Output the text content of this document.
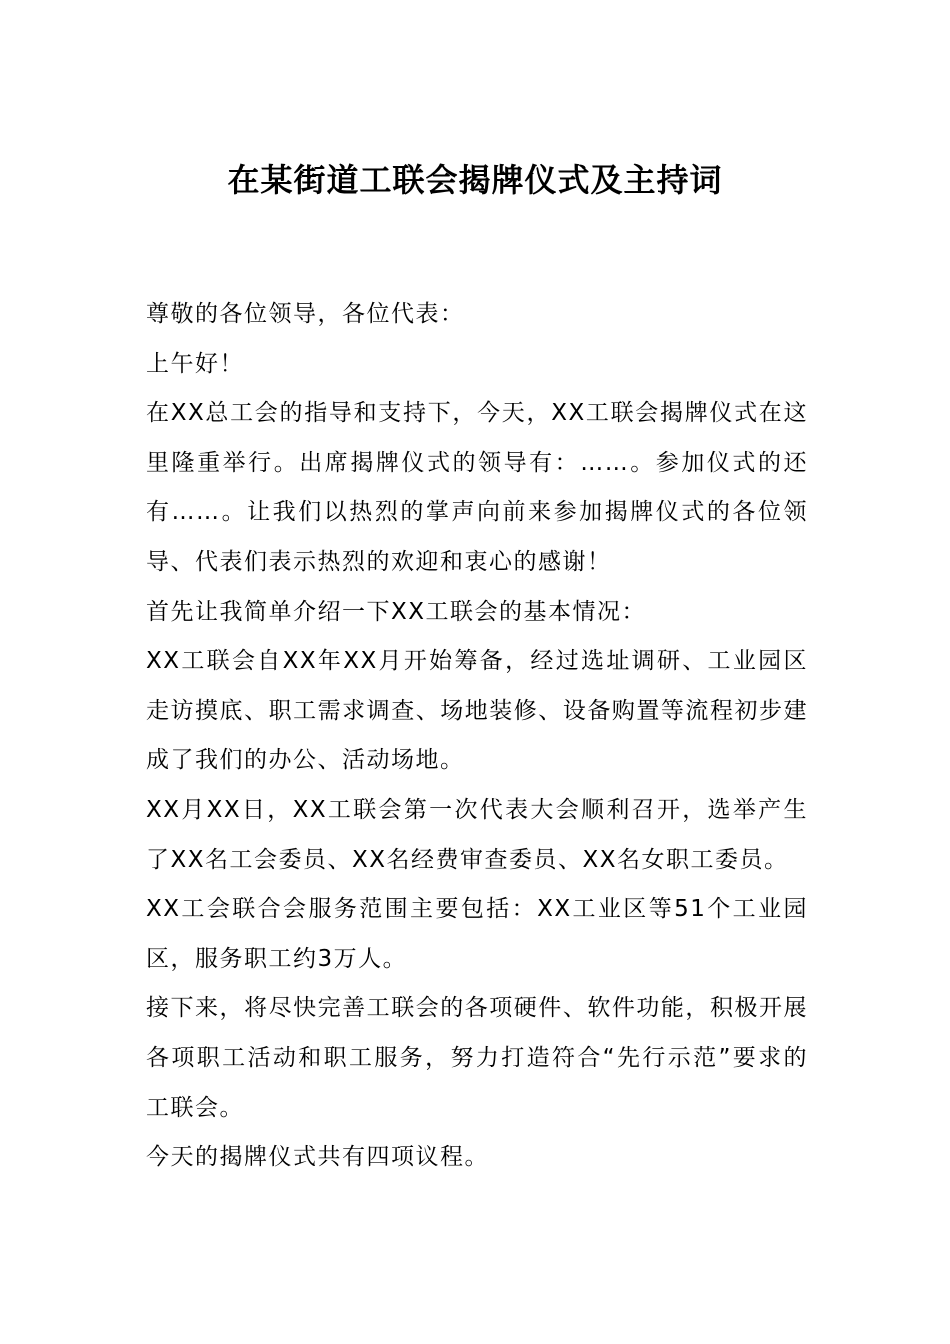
在某街道工联会揭牌仪式及主持词

尊敬的各位领导，各位代表：

上午好！

在XX总工会的指导和支持下，今天，XX工联会揭牌仪式在这里隆重举行。出席揭牌仪式的领导有：……。参加仪式的还有……。让我们以热烈的掌声向前来参加揭牌仪式的各位领导、代表们表示热烈的欢迎和衷心的感谢！

首先让我简单介绍一下XX工联会的基本情况：

XX工联会自XX年XX月开始筹备，经过选址调研、工业园区走访摸底、职工需求调查、场地装修、设备购置等流程初步建成了我们的办公、活动场地。

XX月XX日，XX工联会第一次代表大会顺利召开，选举产生了XX名工会委员、XX名经费审查委员、XX名女职工委员。

XX工会联合会服务范围主要包括：XX工业区等51个工业园区，服务职工约3万人。

接下来，将尽快完善工联会的各项硬件、软件功能，积极开展各项职工活动和职工服务，努力打造符合“先行示范”要求的工联会。

今天的揭牌仪式共有四项议程。
